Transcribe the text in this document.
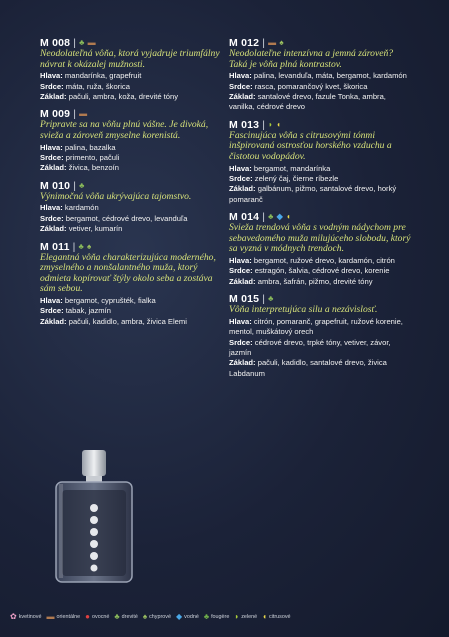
M 008 | ♣ ▬
Neodolateľná vôňa, ktorá vyjadruje triumfálny návrat k okázalej mužnosti.
Hlava: mandarínka, grapefruit
Srdce: máta, ruža, škorica
Základ: pačuli, ambra, koža, drevité tóny
M 009 | ▬
Pripravte sa na vôňu plnú vášne. Je divoká, svieža a zároveň zmyselne korenistá.
Hlava: palina, bazalka
Srdce: primento, pačuli
Základ: živica, benzoín
M 010 | ♣
Výnimočná vôňa ukrývajúca tajomstvo.
Hlava: kardamón
Srdce: bergamot, cédrové drevo, levanduľa
Základ: vetiver, kumarín
M 011 | ♣ ♠
Elegantná vôňa charakterizujúca moderného, zmyselného a nonšalantného muža, ktorý odmieta kopírovať štýly okolo seba a zostáva sám sebou.
Hlava: bergamot, cyprušték, fialka
Srdce: tabak, jazmín
Základ: pačuli, kadidlo, ambra, živica Elemi
M 012 | ▬ ♠
Neodolateľne intenzívna a jemná zároveň? Taká je vôňa plná kontrastov.
Hlava: palina, levanduľa, máta, bergamot, kardamón
Srdce: rasca, pomarančový kvet, škorica
Základ: santalové drevo, fazule Tonka, ambra, vanilka, cédrové drevo
M 013 | ◗ ◖
Fascinujúca vôňa s citrusovými tónmi inšpirovaná ostrosťou horského vzduchu a čistotou vodopádov.
Hlava: bergamot, mandarínka
Srdce: zelený čaj, čierne ríbezle
Základ: galbánum, pižmo, santalové drevo, horký pomaranč
M 014 | ♣ ◆ ◖
Svieža trendová vôňa s vodným nádychom pre sebavedomého muža milujúceho slobodu, ktorý sa vyzná v módnych trendoch.
Hlava: bergamot, ružové drevo, kardamón, citrón
Srdce: estragón, šalvia, cédrové drevo, korenie
Základ: ambra, šafrán, pižmo, drevité tóny
M 015 | ♣
Vôňa interpretujúca silu a nezávislosť.
Hlava: citrón, pomaranč, grapefruit, ružové korenie, mentol, muškátový orech
Srdce: cédrové drevo, trpké tóny, vetiver, závor, jazmín
Základ: pačuli, kadidlo, santalové drevo, živica Labdanum
✿ kvetinové ▬ orientálne ● ovocné ♣ drevité ♠ chyprové ◆ vodné ♣ fougère ◗ zelené ◖ citrusové
